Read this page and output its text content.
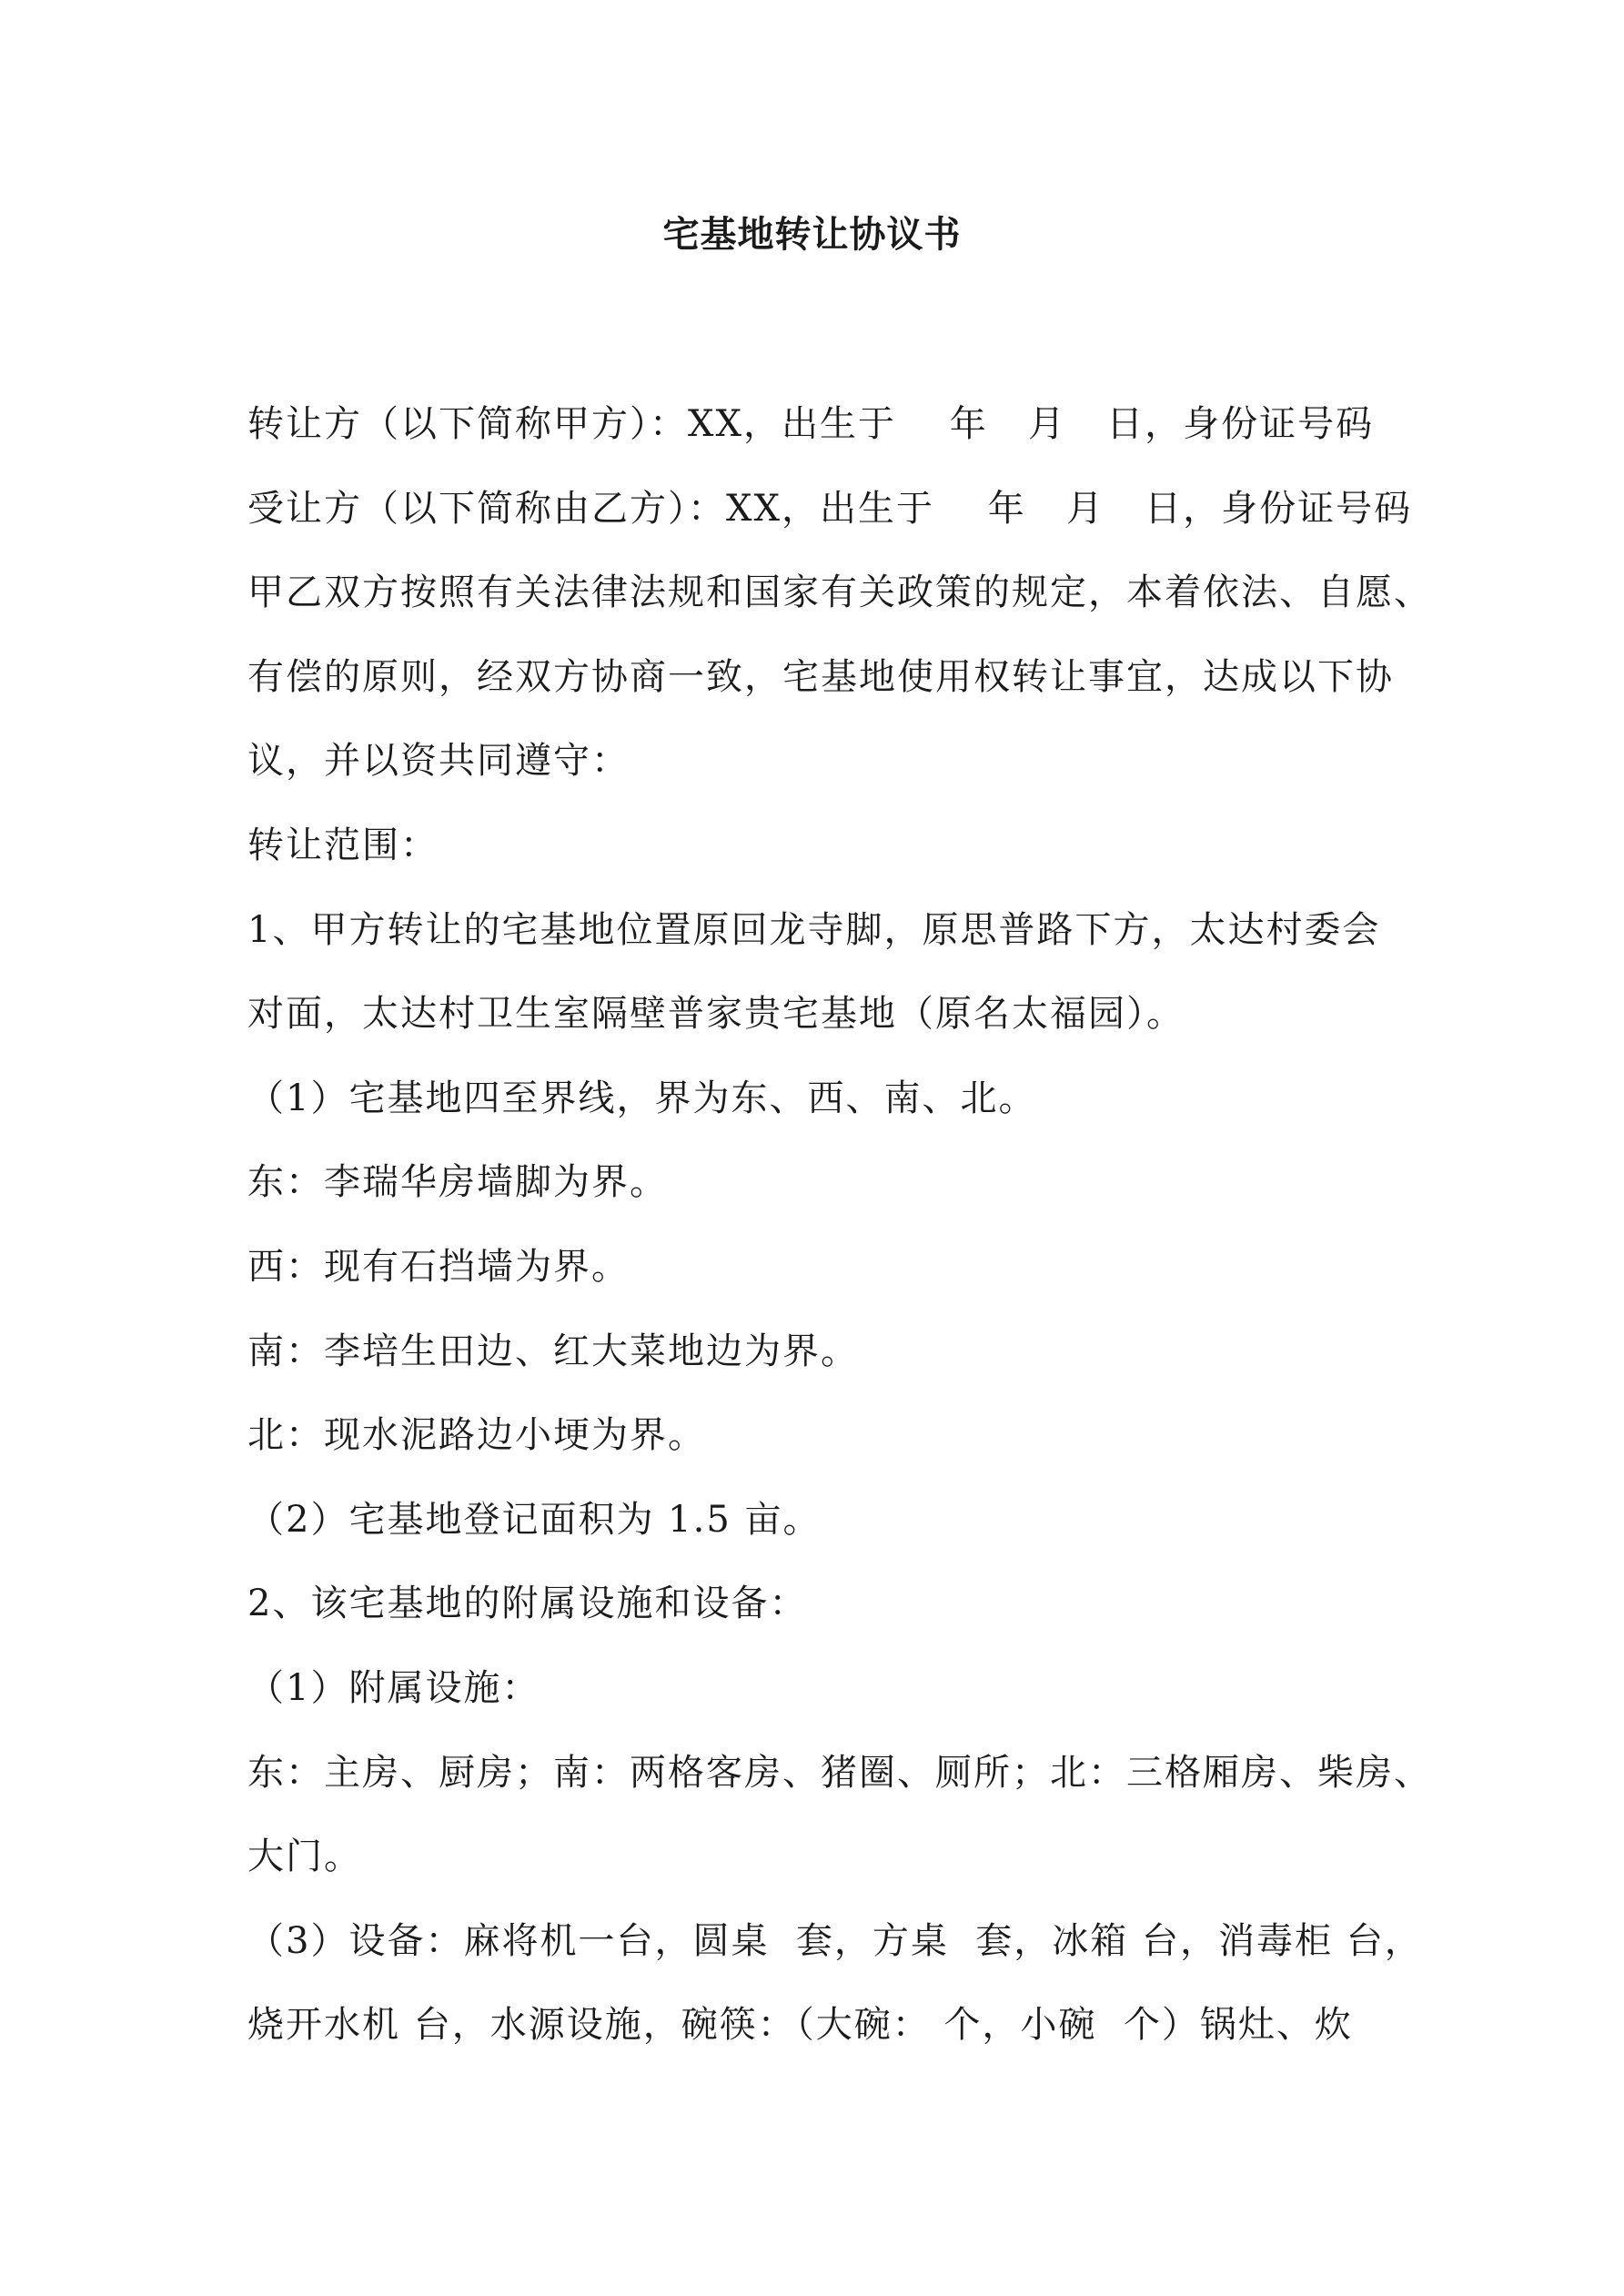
宅基地转让协议书
转让方（以下简称甲方）：XX，出生于    年   月   日，身份证号码
受让方（以下简称由乙方）：XX，出生于    年   月   日，身份证号码
甲乙双方按照有关法律法规和国家有关政策的规定，本着依法、自愿、
有偿的原则，经双方协商一致，宅基地使用权转让事宜，达成以下协
议，并以资共同遵守：
转让范围：
1、甲方转让的宅基地位置原回龙寺脚，原思普路下方，太达村委会
对面，太达村卫生室隔壁普家贵宅基地（原名太福园）。
（1）宅基地四至界线，界为东、西、南、北。
东：李瑞华房墙脚为界。
西：现有石挡墙为界。
南：李培生田边、红大菜地边为界。
北：现水泥路边小埂为界。
（2）宅基地登记面积为 1.5 亩。
2、该宅基地的附属设施和设备：
（1）附属设施：
东：主房、厨房；南：两格客房、猪圈、厕所；北：三格厢房、柴房、
大门。
（3）设备：麻将机一台，圆桌  套，方桌  套，冰箱 台，消毒柜 台，
烧开水机 台，水源设施，碗筷：（大碗： 个，小碗  个）锅灶、炊
